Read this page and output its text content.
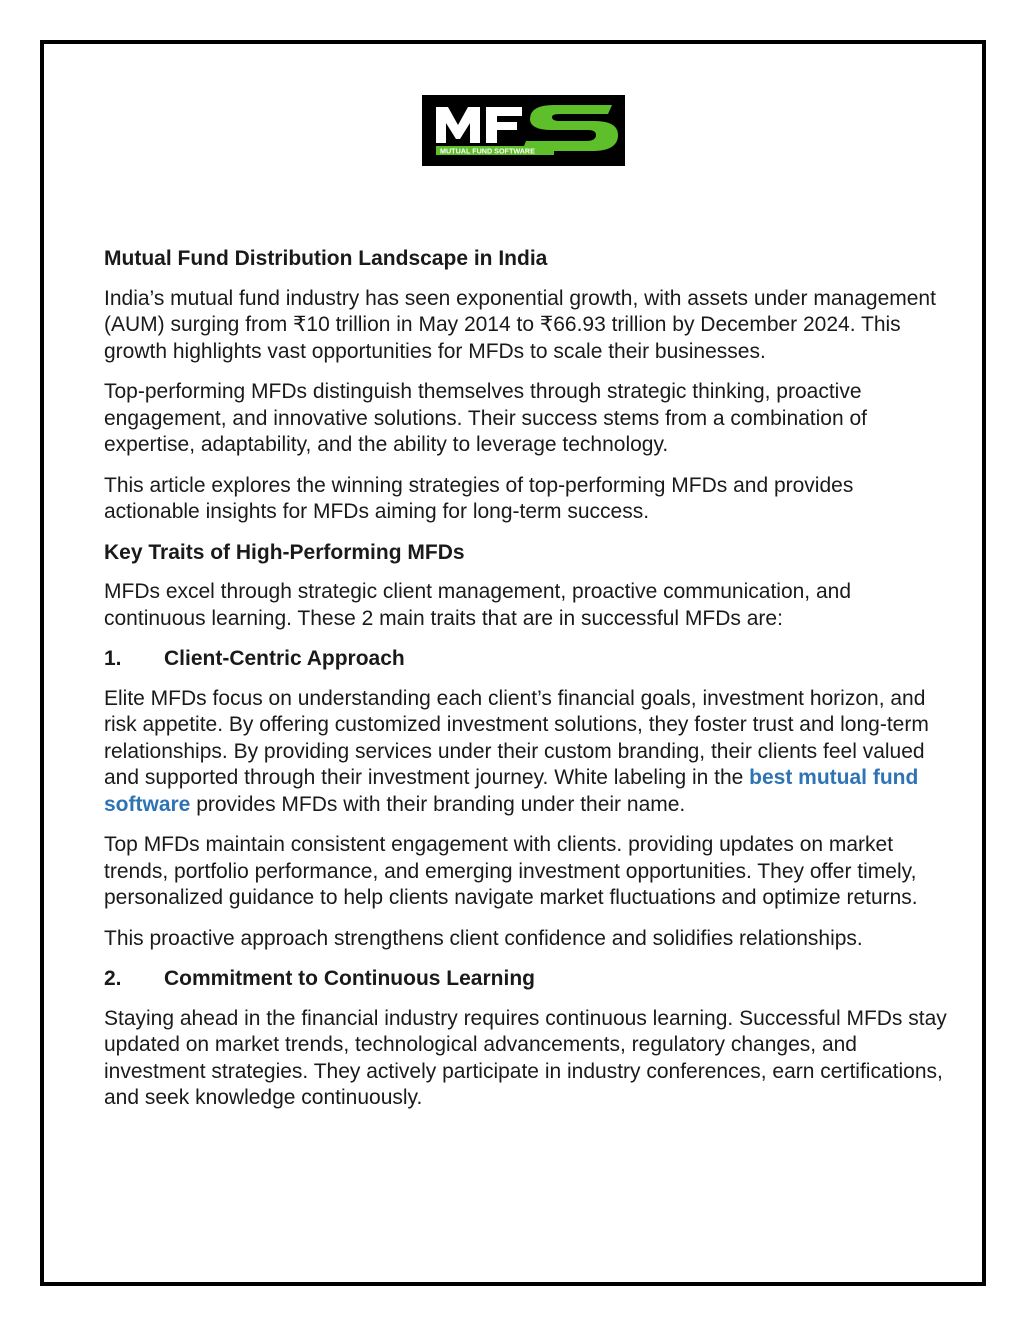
MUTUAL FUND SOFTWARE
Mutual Fund Distribution Landscape in India

India’s mutual fund industry has seen exponential growth, with assets under management (AUM) surging from ₹10 trillion in May 2014 to ₹66.93 trillion by December 2024. This growth highlights vast opportunities for MFDs to scale their businesses.

Top-performing MFDs distinguish themselves through strategic thinking, proactive engagement, and innovative solutions. Their success stems from a combination of expertise, adaptability, and the ability to leverage technology.

This article explores the winning strategies of top-performing MFDs and provides actionable insights for MFDs aiming for long-term success.

Key Traits of High-Performing MFDs

MFDs excel through strategic client management, proactive communication, and continuous learning. These 2 main traits that are in successful MFDs are:

1.	Client-Centric Approach

Elite MFDs focus on understanding each client’s financial goals, investment horizon, and risk appetite. By offering customized investment solutions, they foster trust and long-term relationships. By providing services under their custom branding, their clients feel valued and supported through their investment journey. White labeling in the best mutual fund software provides MFDs with their branding under their name.

Top MFDs maintain consistent engagement with clients. providing updates on market trends, portfolio performance, and emerging investment opportunities. They offer timely, personalized guidance to help clients navigate market fluctuations and optimize returns.

This proactive approach strengthens client confidence and solidifies relationships.

2.	Commitment to Continuous Learning

Staying ahead in the financial industry requires continuous learning. Successful MFDs stay updated on market trends, technological advancements, regulatory changes, and investment strategies. They actively participate in industry conferences, earn certifications, and seek knowledge continuously.
